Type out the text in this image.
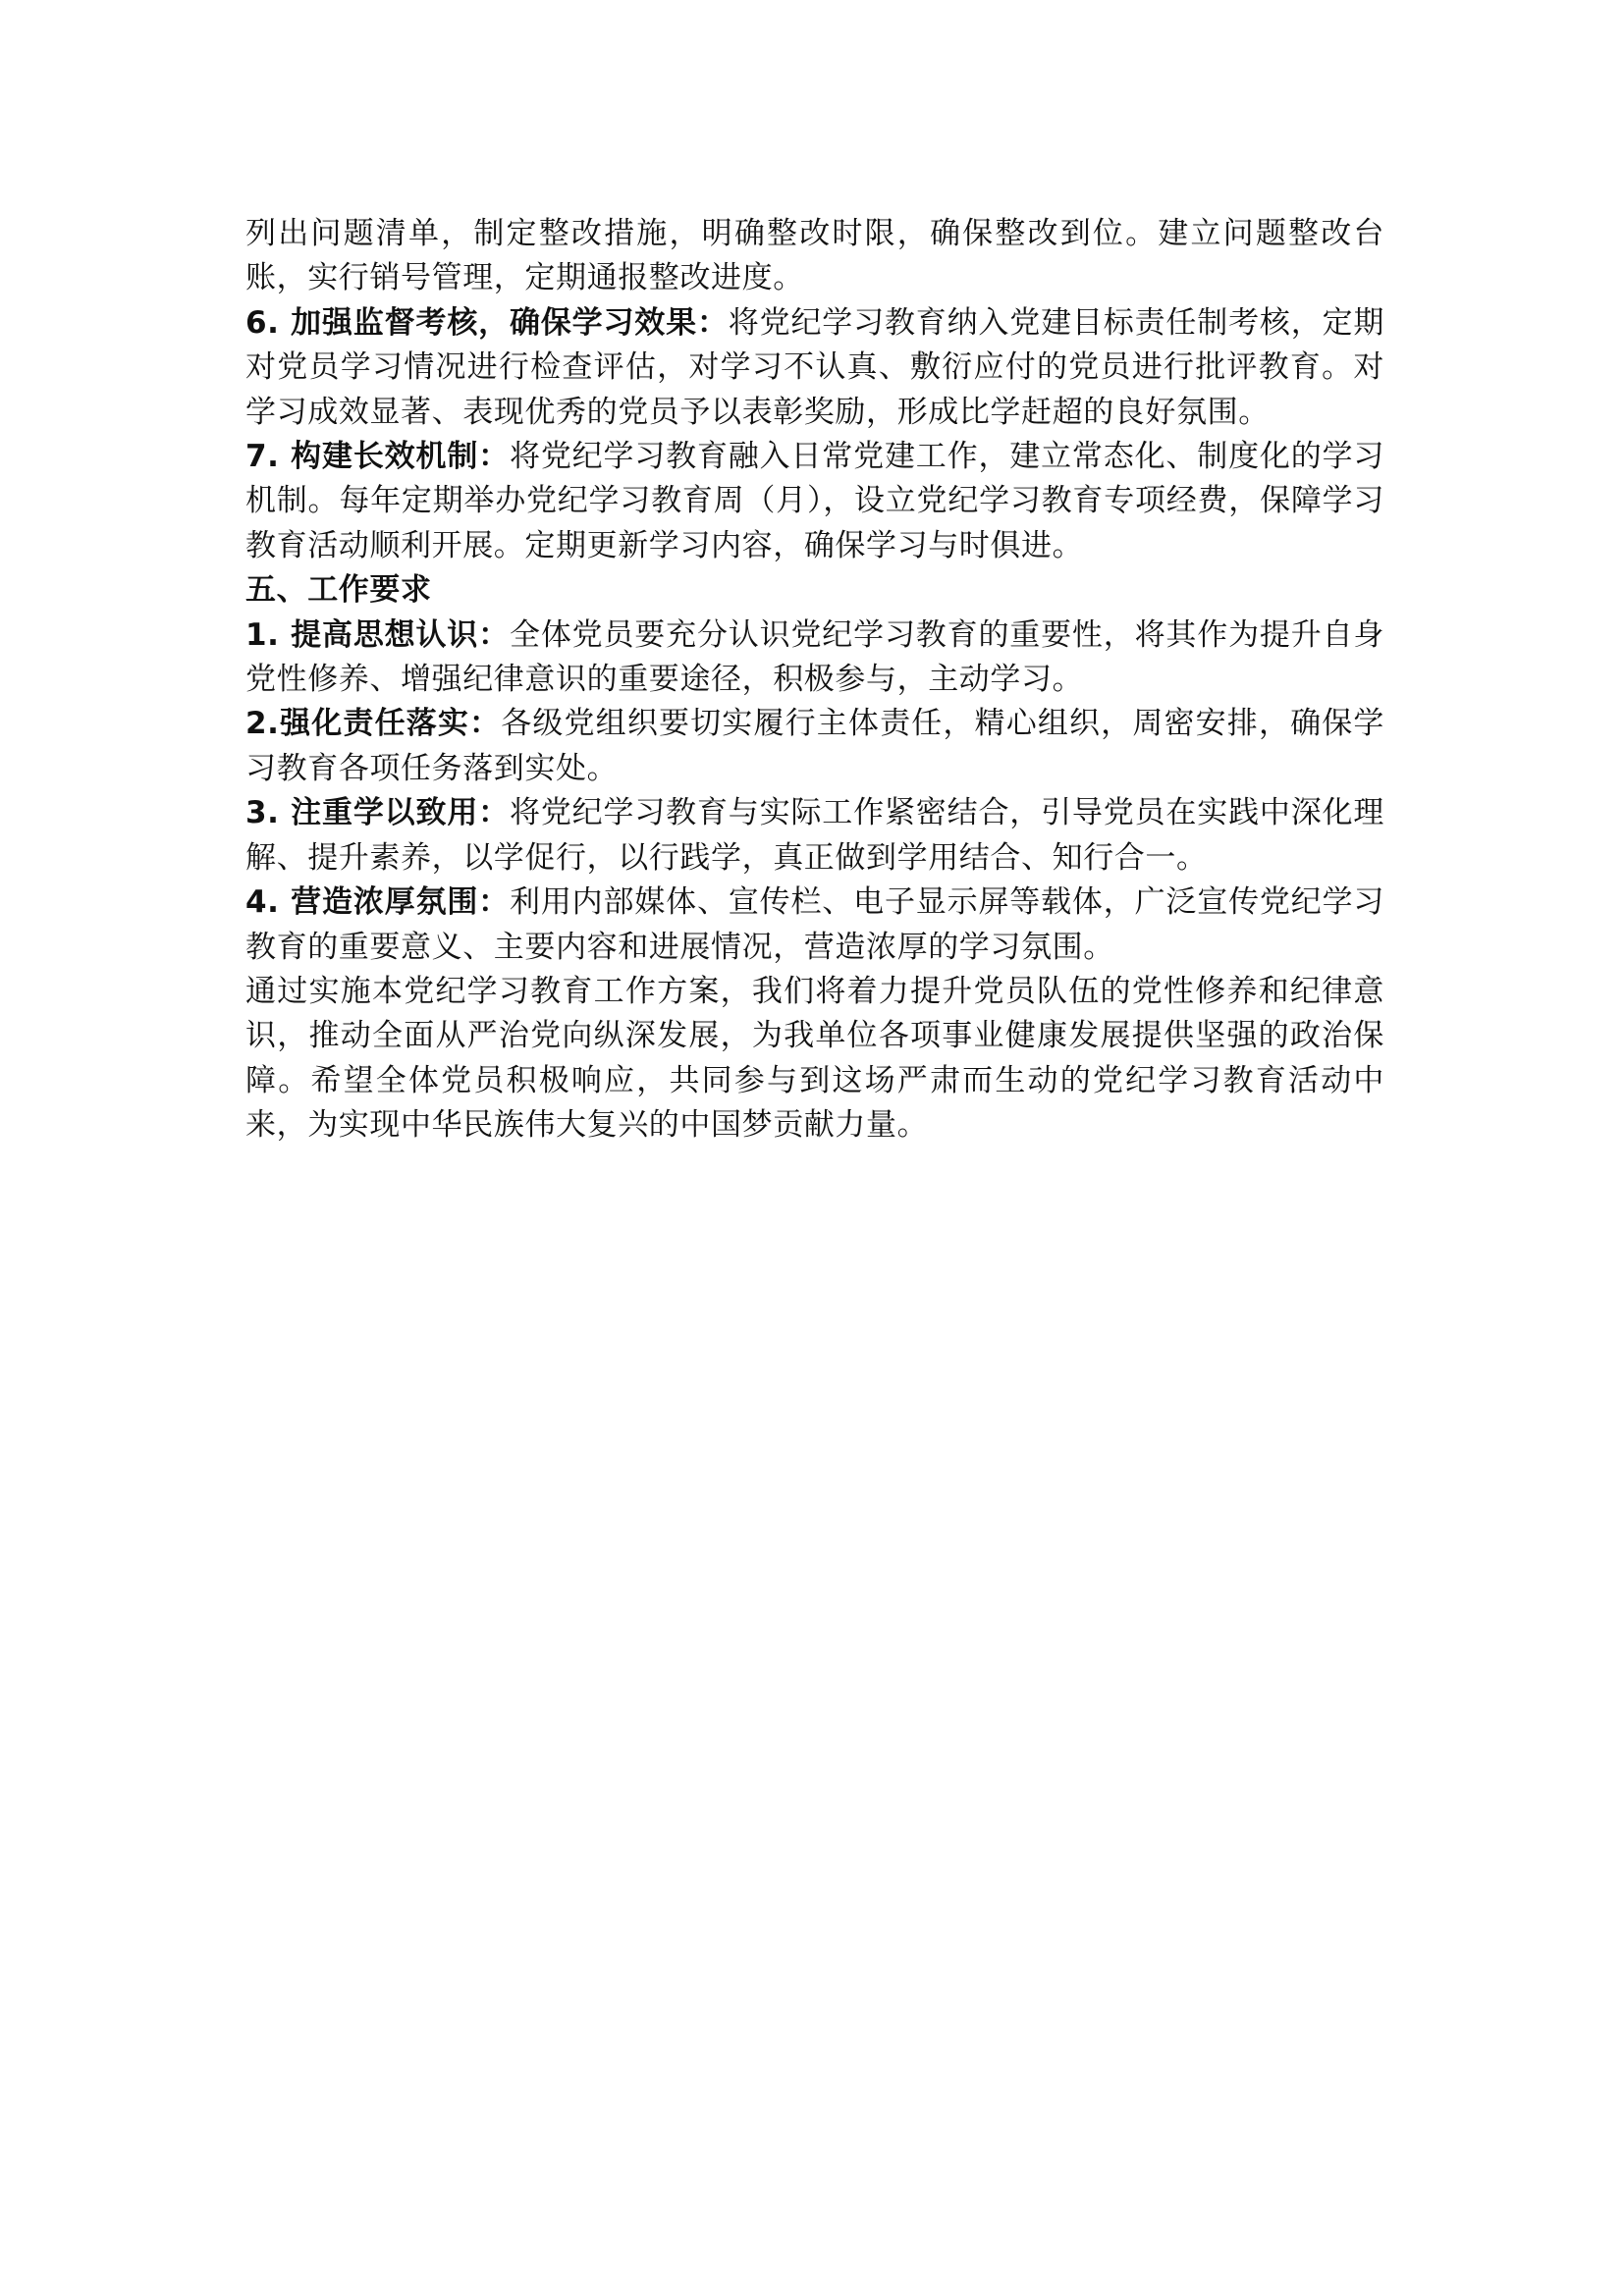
列出问题清单，制定整改措施，明确整改时限，确保整改到位。建立问题整改台账，实行销号管理，定期通报整改进度。

6. 加强监督考核，确保学习效果：将党纪学习教育纳入党建目标责任制考核，定期对党员学习情况进行检查评估，对学习不认真、敷衍应付的党员进行批评教育。对学习成效显著、表现优秀的党员予以表彰奖励，形成比学赶超的良好氛围。

7. 构建长效机制：将党纪学习教育融入日常党建工作，建立常态化、制度化的学习机制。每年定期举办党纪学习教育周（月），设立党纪学习教育专项经费，保障学习教育活动顺利开展。定期更新学习内容，确保学习与时俱进。

五、工作要求

1. 提高思想认识：全体党员要充分认识党纪学习教育的重要性，将其作为提升自身党性修养、增强纪律意识的重要途径，积极参与，主动学习。

2.强化责任落实：各级党组织要切实履行主体责任，精心组织，周密安排，确保学习教育各项任务落到实处。

3. 注重学以致用：将党纪学习教育与实际工作紧密结合，引导党员在实践中深化理解、提升素养，以学促行，以行践学，真正做到学用结合、知行合一。

4. 营造浓厚氛围：利用内部媒体、宣传栏、电子显示屏等载体，广泛宣传党纪学习教育的重要意义、主要内容和进展情况，营造浓厚的学习氛围。

通过实施本党纪学习教育工作方案，我们将着力提升党员队伍的党性修养和纪律意识，推动全面从严治党向纵深发展，为我单位各项事业健康发展提供坚强的政治保障。希望全体党员积极响应，共同参与到这场严肃而生动的党纪学习教育活动中来，为实现中华民族伟大复兴的中国梦贡献力量。
